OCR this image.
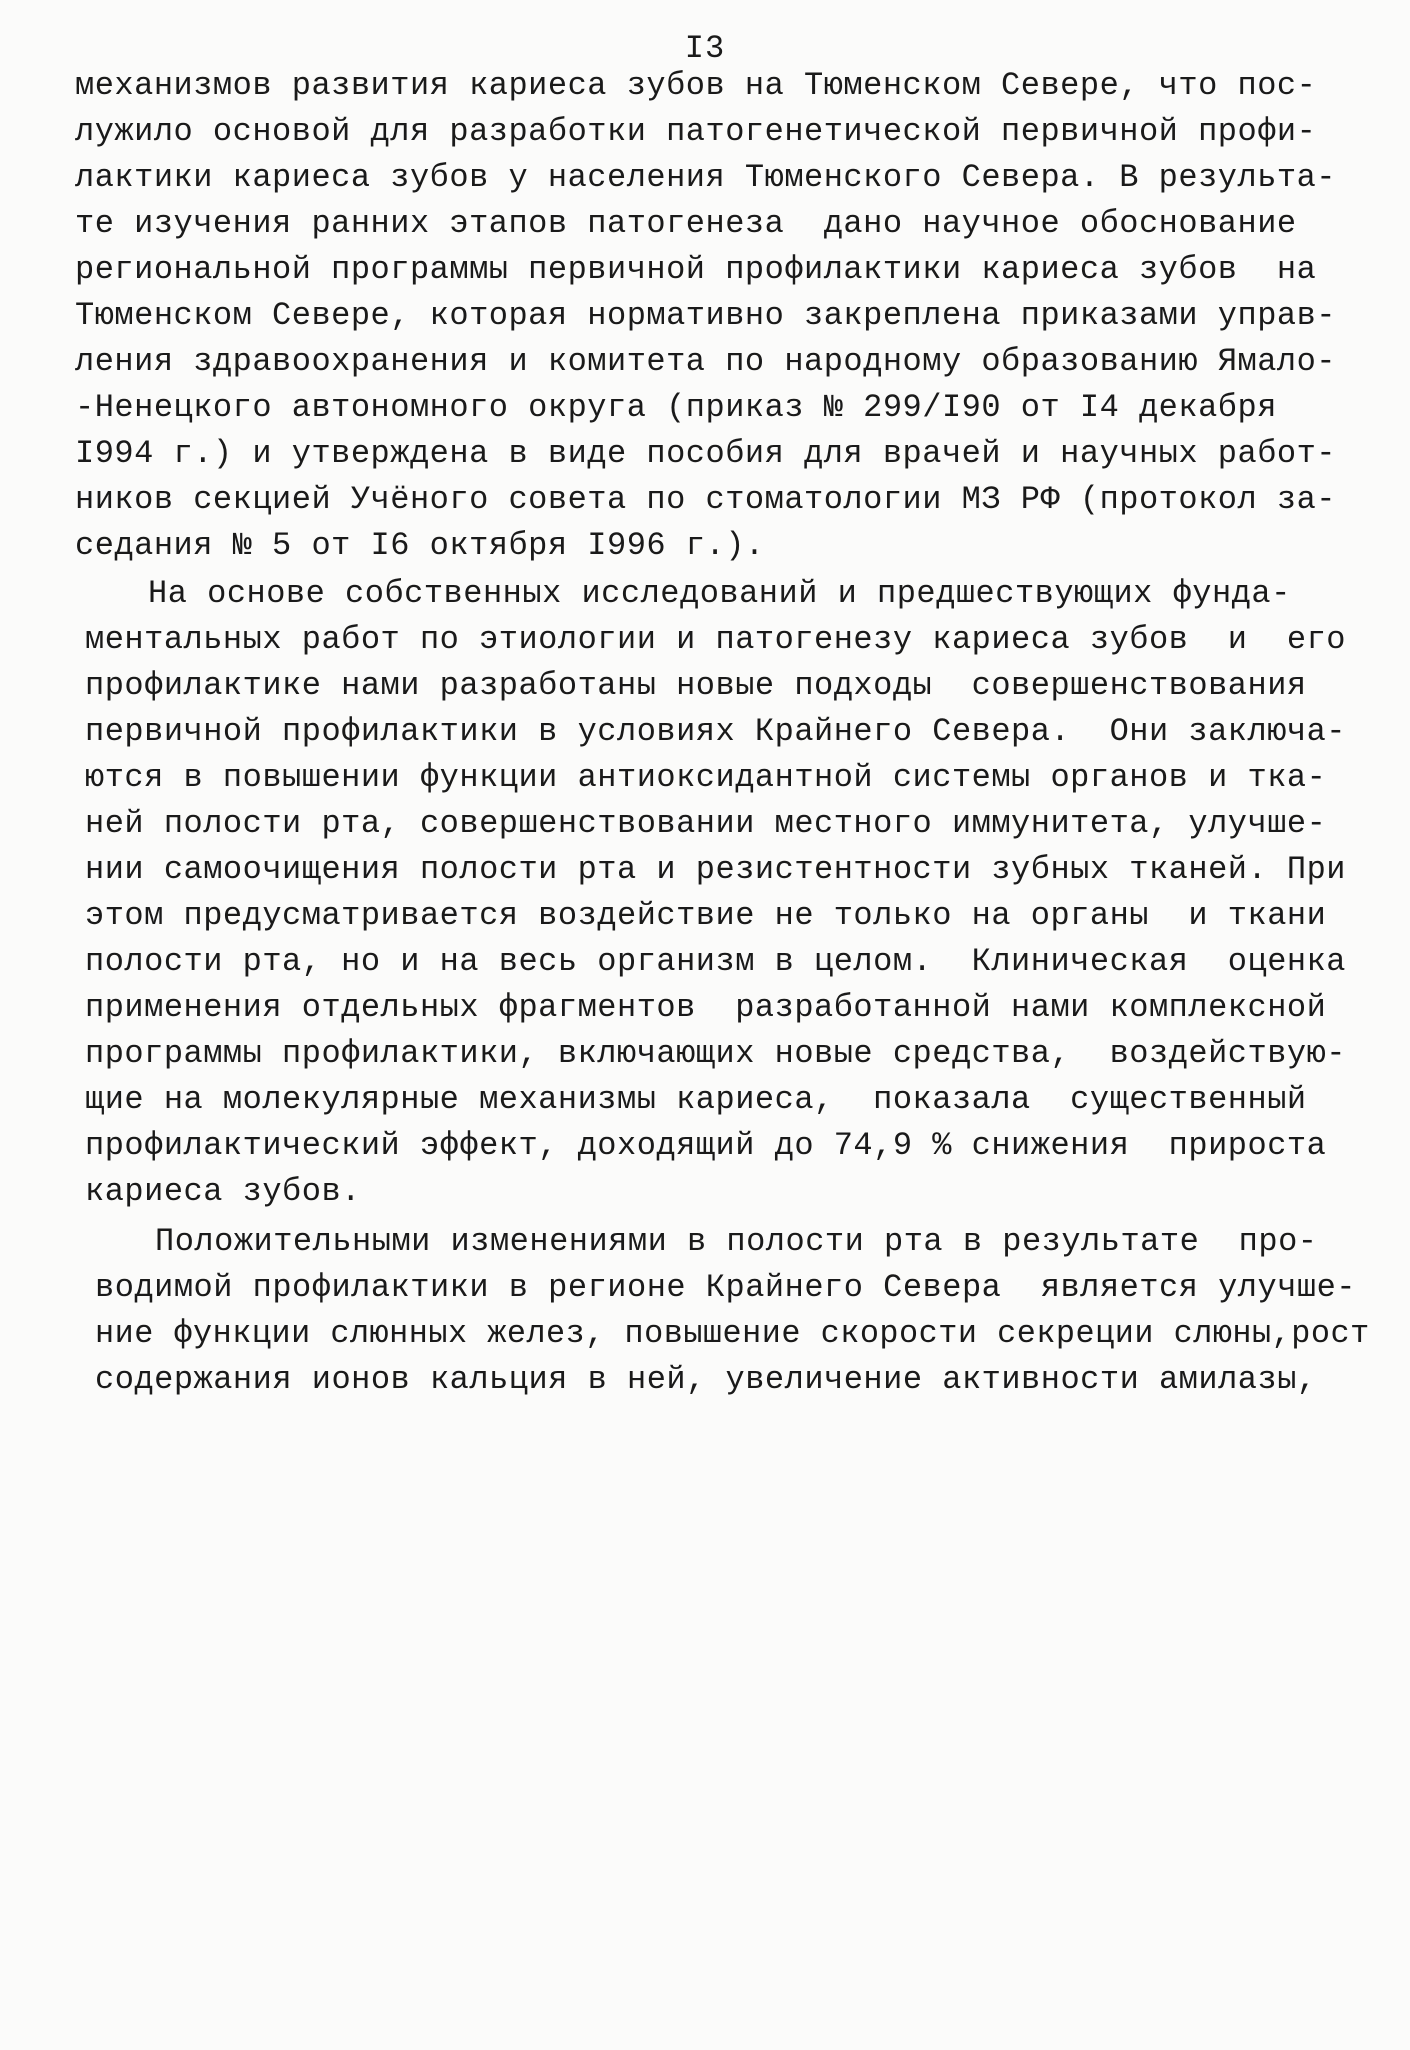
I3
механизмов развития кариеса зубов на Тюменском Севере, что пос-
лужило основой для разработки патогенетической первичной профи-
лактики кариеса зубов у населения Тюменского Севера. В результа-
те изучения ранних этапов патогенеза  дано научное обоснование
региональной программы первичной профилактики кариеса зубов  на
Тюменском Севере, которая нормативно закреплена приказами управ-
ления здравоохранения и комитета по народному образованию Ямало-
-Ненецкого автономного округа (приказ № 299/I90 от I4 декабря
I994 г.) и утверждена в виде пособия для врачей и научных работ-
ников секцией Учёного совета по стоматологии МЗ РФ (протокол за-
седания № 5 от I6 октября I996 г.).
На основе собственных исследований и предшествующих фунда-
ментальных работ по этиологии и патогенезу кариеса зубов  и  его
профилактике нами разработаны новые подходы  совершенствования
первичной профилактики в условиях Крайнего Севера.  Они заключа-
ются в повышении функции антиоксидантной системы органов и тка-
ней полости рта, совершенствовании местного иммунитета, улучше-
нии самоочищения полости рта и резистентности зубных тканей. При
этом предусматривается воздействие не только на органы  и ткани
полости рта, но и на весь организм в целом.  Клиническая  оценка
применения отдельных фрагментов  разработанной нами комплексной
программы профилактики, включающих новые средства,  воздействую-
щие на молекулярные механизмы кариеса,  показала  существенный
профилактический эффект, доходящий до 74,9 % снижения  прироста
кариеса зубов.
Положительными изменениями в полости рта в результате  про-
водимой профилактики в регионе Крайнего Севера  является улучше-
ние функции слюнных желез, повышение скорости секреции слюны,рост
содержания ионов кальция в ней, увеличение активности амилазы,
